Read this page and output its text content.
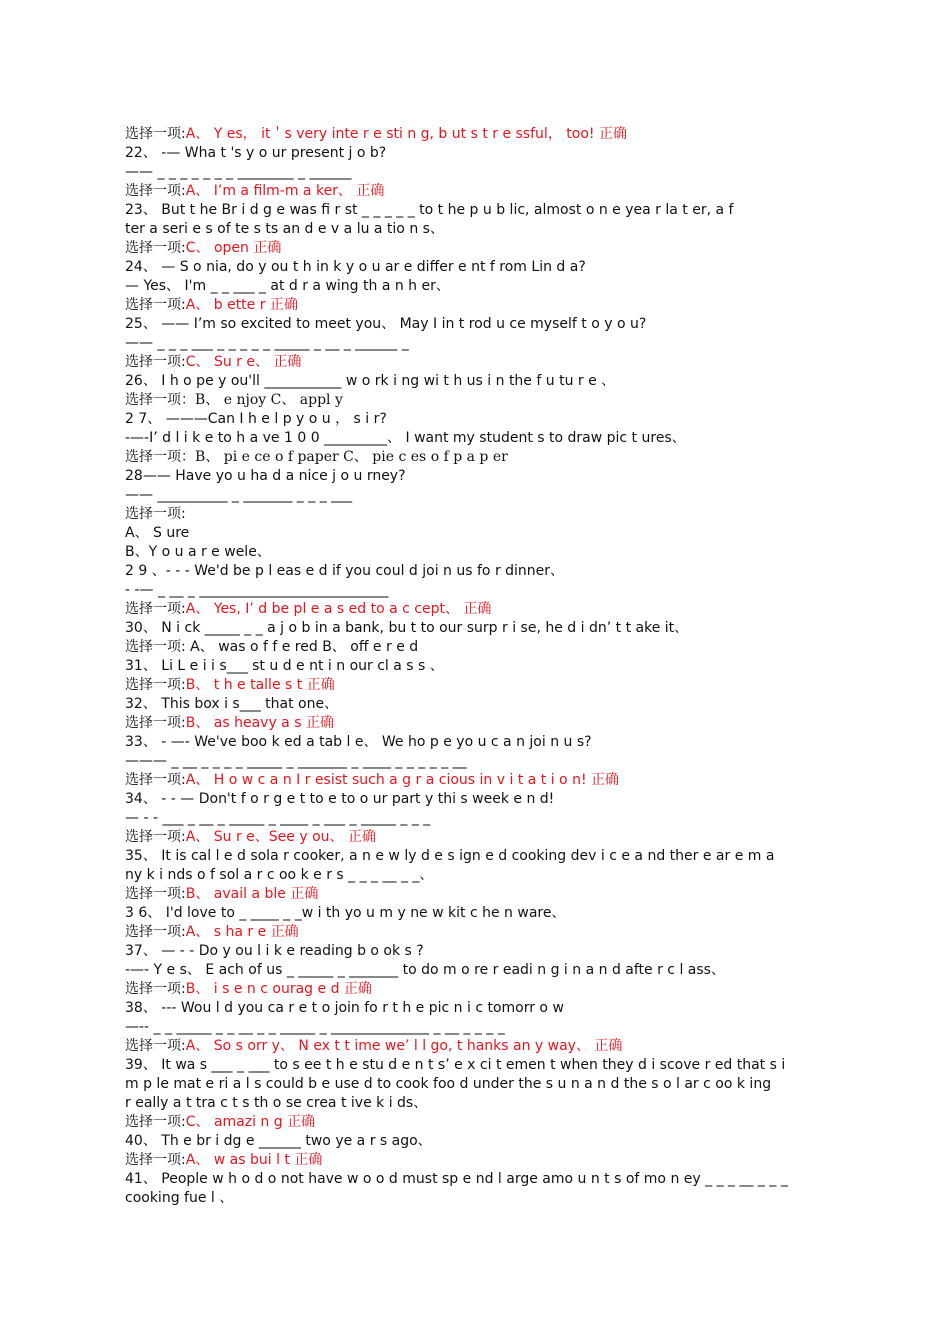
选择一项:A、 Y es， it＇s very inte r e sti n g, b ut s t r e ssful， too! 正确
22、 -— Wha t 's y o ur present j o b?
—— _ _ _ _ _ _ _ ________ _ ______
选择一项:A、 I’m a film-m a ker、 正确
23、 But t he Br i d g e was fi r st _ _ _ _ _ to t he p u b lic, almost o n e yea r la t er, a f
ter a seri e s of te s ts an d e v a lu a tio n s、
选择一项:C、 open 正确
24、 — S o nia, do y ou t h in k y o u ar e differ e nt f rom Lin d a?
— Yes、 I'm _ _ ___ _ at d r a wing th a n h er、
选择一项:A、 b ette r 正确
25、 —— I’m so excited to meet you、 May I in t rod u ce myself t o y o u?
—— _ _ _ ___ _ _ _ _ _ _____ _ __ _ ______ _
选择一项:C、 Su r e、 正确
26、 I h o pe y ou'll ___________ w o rk i ng wi t h us i n the f u tu r e 、
选择一项：B、 e njoy C、 appl y
2 7、 ———Can I h e l p y o u ， s i r?
-—-I’ d l i k e to h a ve 1 0 0 _________、 I want my student s to draw pic t ures、
选择一项：B、 pi e ce o f paper C、 pie c es o f p a p er
28—— Have yo u ha d a nice j o u rney?
—— __________ _ _______ _ _ _ ___
选择一项:
A、 S ure
B、Y o u a r e wele、
2 9 、- - - We'd be p l eas e d if you coul d joi n us fo r dinner、
- -— _ __ _ ___________________________
选择一项:A、 Yes, I’ d be pl e a s ed to a c cept、 正确
30、 N i ck _____ _ _ a j o b in a bank, bu t to our surp r i se, he d i dn’ t t ake it、
选择一项: A、 was o f f e red B、 off e r e d
31、 Li L e i i s___ st u d e nt i n our cl a s s 、
选择一项:B、 t h e talle s t 正确
32、 This box i s___ that one、
选择一项:B、 as heavy a s 正确
33、 - —- We've boo k ed a tab l e、 We ho p e yo u c a n joi n u s?
——— _ __ _ _ _ _ _____ _ _______ _ ____ _ _ _ _ _ __
选择一项:A、 H o w c a n I r esist such a g r a cious in v i t a t i o n! 正确
34、 - - — Don't f o r g e t to e to o ur part y thi s week e n d!
— - - ___ _ __ _ _____ _ ____ _ ___ _ _____ _ _ _
选择一项:A、 Su r e、See y ou、 正确
35、 It is cal l e d sola r cooker, a n e w ly d e s ign e d cooking dev i c e a nd ther e ar e m a
ny k i nds o f sol a r c oo k e r s _ _ _ __ _ _、
选择一项:B、 avail a ble 正确
3 6、 I'd love to _ ____ _ _w i th yo u m y ne w kit c he n ware、
选择一项:A、 s ha r e 正确
37、 — - - Do y ou l i k e reading b o ok s ?
-—- Y e s、 E ach of us _ _____ _ _______ to do m o re r eadi n g i n a n d afte r c l ass、
选择一项:B、 i s e n c ourag e d 正确
38、 --- Wou l d you ca r e t o join fo r t h e pic n i c tomorr o w
—-- _ _ _____ _ _ __ _ _ _____ _ ______________ _ __ _ _ _ _
选择一项:A、 So s orr y、 N ex t t ime we’ l l go, t hanks an y way、 正确
39、 It wa s ___ _ ___ to s ee t h e stu d e n t s’ e x ci t emen t when they d i scove r ed that s i
m p le mat e ri a l s could b e use d to cook foo d under the s u n a n d the s o l ar c oo k ing
r eally a t tra c t s th o se crea t ive k i ds、
选择一项:C、 amazi n g 正确
40、 Th e br i dg e ______ two ye a r s ago、
选择一项:A、 w as bui l t 正确
41、 People w h o d o not have w o o d must sp e nd l arge amo u n t s of mo n ey _ _ _ __ _ _ _
cooking fue l 、
